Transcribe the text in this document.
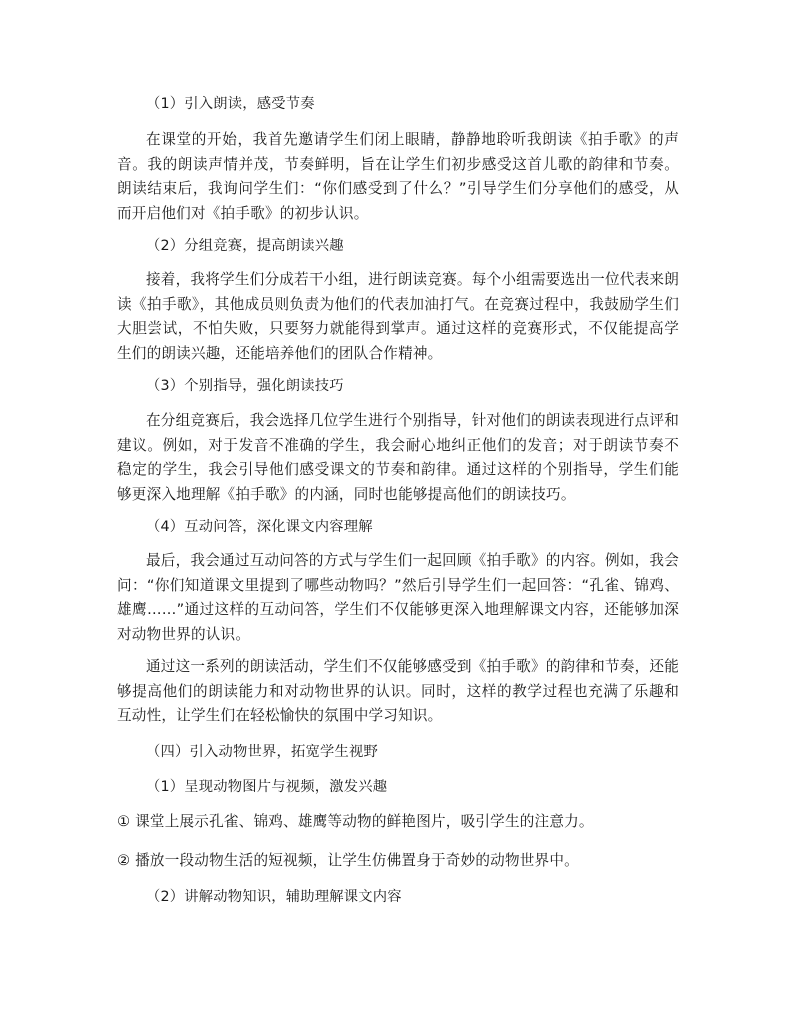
（1）引入朗读，感受节奏

在课堂的开始，我首先邀请学生们闭上眼睛，静静地聆听我朗读《拍手歌》的声音。我的朗读声情并茂，节奏鲜明，旨在让学生们初步感受这首儿歌的韵律和节奏。朗读结束后，我询问学生们：“你们感受到了什么？”引导学生们分享他们的感受，从而开启他们对《拍手歌》的初步认识。

（2）分组竞赛，提高朗读兴趣

接着，我将学生们分成若干小组，进行朗读竞赛。每个小组需要选出一位代表来朗读《拍手歌》，其他成员则负责为他们的代表加油打气。在竞赛过程中，我鼓励学生们大胆尝试，不怕失败，只要努力就能得到掌声。通过这样的竞赛形式，不仅能提高学生们的朗读兴趣，还能培养他们的团队合作精神。

（3）个别指导，强化朗读技巧

在分组竞赛后，我会选择几位学生进行个别指导，针对他们的朗读表现进行点评和建议。例如，对于发音不准确的学生，我会耐心地纠正他们的发音；对于朗读节奏不稳定的学生，我会引导他们感受课文的节奏和韵律。通过这样的个别指导，学生们能够更深入地理解《拍手歌》的内涵，同时也能够提高他们的朗读技巧。

（4）互动问答，深化课文内容理解

最后，我会通过互动问答的方式与学生们一起回顾《拍手歌》的内容。例如，我会问：“你们知道课文里提到了哪些动物吗？”然后引导学生们一起回答：“孔雀、锦鸡、雄鹰……”通过这样的互动问答，学生们不仅能够更深入地理解课文内容，还能够加深对动物世界的认识。

通过这一系列的朗读活动，学生们不仅能够感受到《拍手歌》的韵律和节奏，还能够提高他们的朗读能力和对动物世界的认识。同时，这样的教学过程也充满了乐趣和互动性，让学生们在轻松愉快的氛围中学习知识。

（四）引入动物世界，拓宽学生视野

（1）呈现动物图片与视频，激发兴趣

① 课堂上展示孔雀、锦鸡、雄鹰等动物的鲜艳图片，吸引学生的注意力。

② 播放一段动物生活的短视频，让学生仿佛置身于奇妙的动物世界中。

（2）讲解动物知识，辅助理解课文内容
